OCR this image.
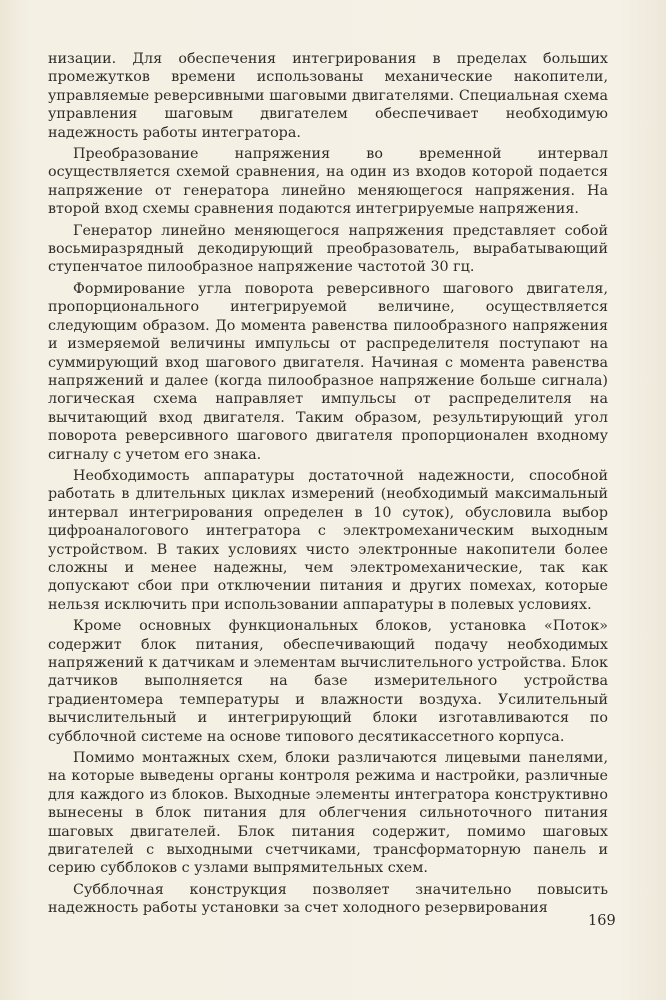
низации. Для обеспечения интегрирования в пределах больших промежутков времени использованы механические накопители, управляемые реверсивными шаговыми двигателями. Специальная схема управления шаговым двигателем обеспечивает необходимую надежность работы интегратора.

Преобразование напряжения во временной интервал осуществляется схемой сравнения, на один из входов которой подается напряжение от генератора линейно меняющегося напряжения. На второй вход схемы сравнения подаются интегрируемые напряжения.

Генератор линейно меняющегося напряжения представляет собой восьмиразрядный декодирующий преобразователь, вырабатывающий ступенчатое пилообразное напряжение частотой 30 гц.

Формирование угла поворота реверсивного шагового двигателя, пропорционального интегрируемой величине, осуществляется следующим образом. До момента равенства пилообразного напряжения и измеряемой величины импульсы от распределителя поступают на суммирующий вход шагового двигателя. Начиная с момента равенства напряжений и далее (когда пилообразное напряжение больше сигнала) логическая схема направляет импульсы от распределителя на вычитающий вход двигателя. Таким образом, результирующий угол поворота реверсивного шагового двигателя пропорционален входному сигналу с учетом его знака.

Необходимость аппаратуры достаточной надежности, способной работать в длительных циклах измерений (необходимый максимальный интервал интегрирования определен в 10 суток), обусловила выбор цифроаналогового интегратора с электромеханическим выходным устройством. В таких условиях чисто электронные накопители более сложны и менее надежны, чем электромеханические, так как допускают сбои при отключении питания и других помехах, которые нельзя исключить при использовании аппаратуры в полевых условиях.

Кроме основных функциональных блоков, установка «Поток» содержит блок питания, обеспечивающий подачу необходимых напряжений к датчикам и элементам вычислительного устройства. Блок датчиков выполняется на базе измерительного устройства градиентомера температуры и влажности воздуха. Усилительный вычислительный и интегрирующий блоки изготавливаются по субблочной системе на основе типового десятикассетного корпуса.

Помимо монтажных схем, блоки различаются лицевыми панелями, на которые выведены органы контроля режима и настройки, различные для каждого из блоков. Выходные элементы интегратора конструктивно вынесены в блок питания для облегчения сильноточного питания шаговых двигателей. Блок питания содержит, помимо шаговых двигателей с выходными счетчиками, трансформаторную панель и серию субблоков с узлами выпрямительных схем.

Субблочная конструкция позволяет значительно повысить надежность работы установки за счет холодного резервирования

169
